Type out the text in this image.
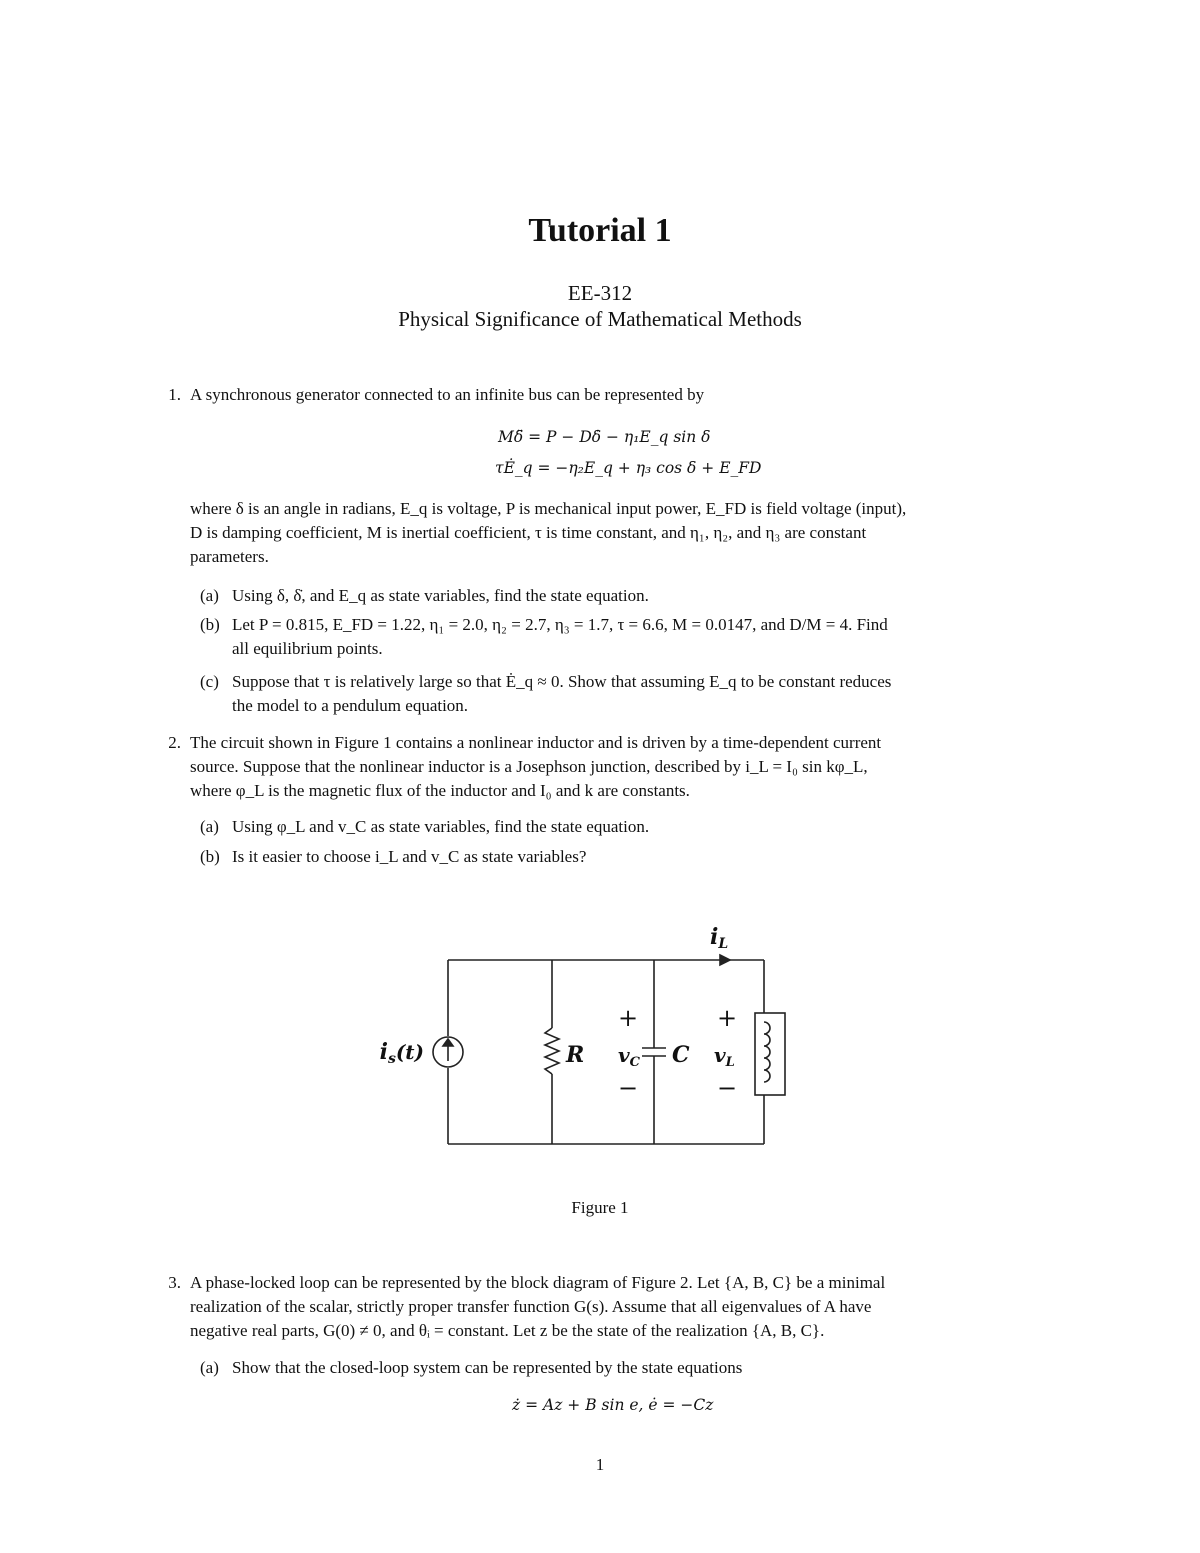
Tutorial 1
EE-312
Physical Significance of Mathematical Methods
1. A synchronous generator connected to an infinite bus can be represented by
Mδ̈ = P − Dδ̇ − η₁E_q sin δ
τĖ_q = −η₂E_q + η₃ cos δ + E_FD
where δ is an angle in radians, E_q is voltage, P is mechanical input power, E_FD is field voltage (input),
D is damping coefficient, M is inertial coefficient, τ is time constant, and η₁, η₂, and η₃ are constant
parameters.
(a) Using δ, δ̇, and E_q as state variables, find the state equation.
(b) Let P = 0.815, E_FD = 1.22, η₁ = 2.0, η₂ = 2.7, η₃ = 1.7, τ = 6.6, M = 0.0147, and D/M = 4. Find
all equilibrium points.
(c) Suppose that τ is relatively large so that Ė_q ≈ 0. Show that assuming E_q to be constant reduces
the model to a pendulum equation.
2. The circuit shown in Figure 1 contains a nonlinear inductor and is driven by a time-dependent current
source. Suppose that the nonlinear inductor is a Josephson junction, described by i_L = I₀ sin kφ_L,
where φ_L is the magnetic flux of the inductor and I₀ and k are constants.
(a) Using φ_L and v_C as state variables, find the state equation.
(b) Is it easier to choose i_L and v_C as state variables?
is(t)	R
+
$v_C$
−
C
+
$v_L$
−
iL
Figure 1
3. A phase-locked loop can be represented by the block diagram of Figure 2. Let {A, B, C} be a minimal
realization of the scalar, strictly proper transfer function G(s). Assume that all eigenvalues of A have
negative real parts, G(0) ≠ 0, and θᵢ = constant. Let z be the state of the realization {A, B, C}.
(a) Show that the closed-loop system can be represented by the state equations
ż = Az + B sin e, ė = −Cz
1
